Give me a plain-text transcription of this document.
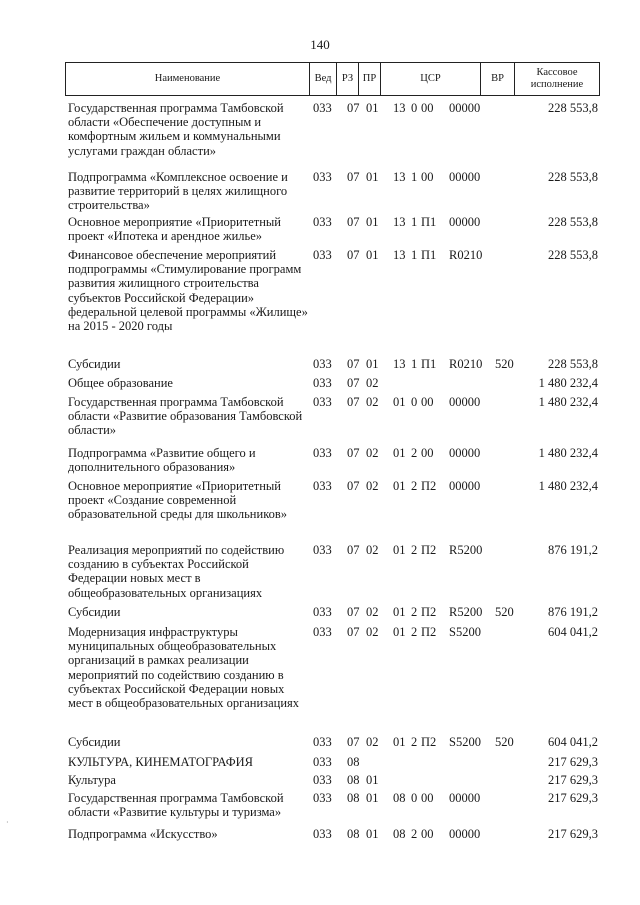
140
Наименование	Вед РЗ ПР	ЦСР	ВР
Кассовое исполнение
Государственная программа Тамбовской области «Обеспечение доступным и комфортным жильем и коммунальными услугами граждан области»
033 07 01 13 0 00 00000	228 553,8
Подпрограмма «Комплексное освоение и развитие территорий в целях жилищного строительства»
033 07 01 13 1 00 00000	228 553,8
Основное мероприятие «Приоритетный проект «Ипотека и арендное жилье»
033 07 01 13 1 П1 00000	228 553,8
Финансовое обеспечение мероприятий подпрограммы «Стимулирование программ развития жилищного строительства субъектов Российской Федерации» федеральной целевой программы «Жилище» на 2015 - 2020 годы
033 07 01 13 1 П1 R0210	228 553,8
Субсидии	033 07 01 13 1 П1 R0210 520	228 553,8
Общее образование	033 07 02	1 480 232,4
Государственная программа Тамбовской области «Развитие образования Тамбовской области»
033 07 02 01 0 00 00000	1 480 232,4
Подпрограмма «Развитие общего и дополнительного образования»
033 07 02 01 2 00 00000	1 480 232,4
Основное мероприятие «Приоритетный проект «Создание современной образовательной среды для школьников»
033 07 02 01 2 П2 00000	1 480 232,4
Реализация мероприятий по содействию созданию в субъектах Российской Федерации новых мест в общеобразовательных организациях
033 07 02 01 2 П2 R5200	876 191,2
Субсидии	033 07 02 01 2 П2 R5200 520	876 191,2
Модернизация инфраструктуры муниципальных общеобразовательных организаций в рамках реализации мероприятий по содействию созданию в субъектах Российской Федерации новых мест в общеобразовательных организациях
033 07 02 01 2 П2 S5200	604 041,2
Субсидии	033 07 02 01 2 П2 S5200 520	604 041,2
КУЛЬТУРА, КИНЕМАТОГРАФИЯ	033 08	217 629,3
Культура	033 08 01	217 629,3
Государственная программа Тамбовской области «Развитие культуры и туризма»
033 08 01 08 0 00 00000	217 629,3
Подпрограмма «Искусство»	033 08 01 08 2 00 00000	217 629,3
·
